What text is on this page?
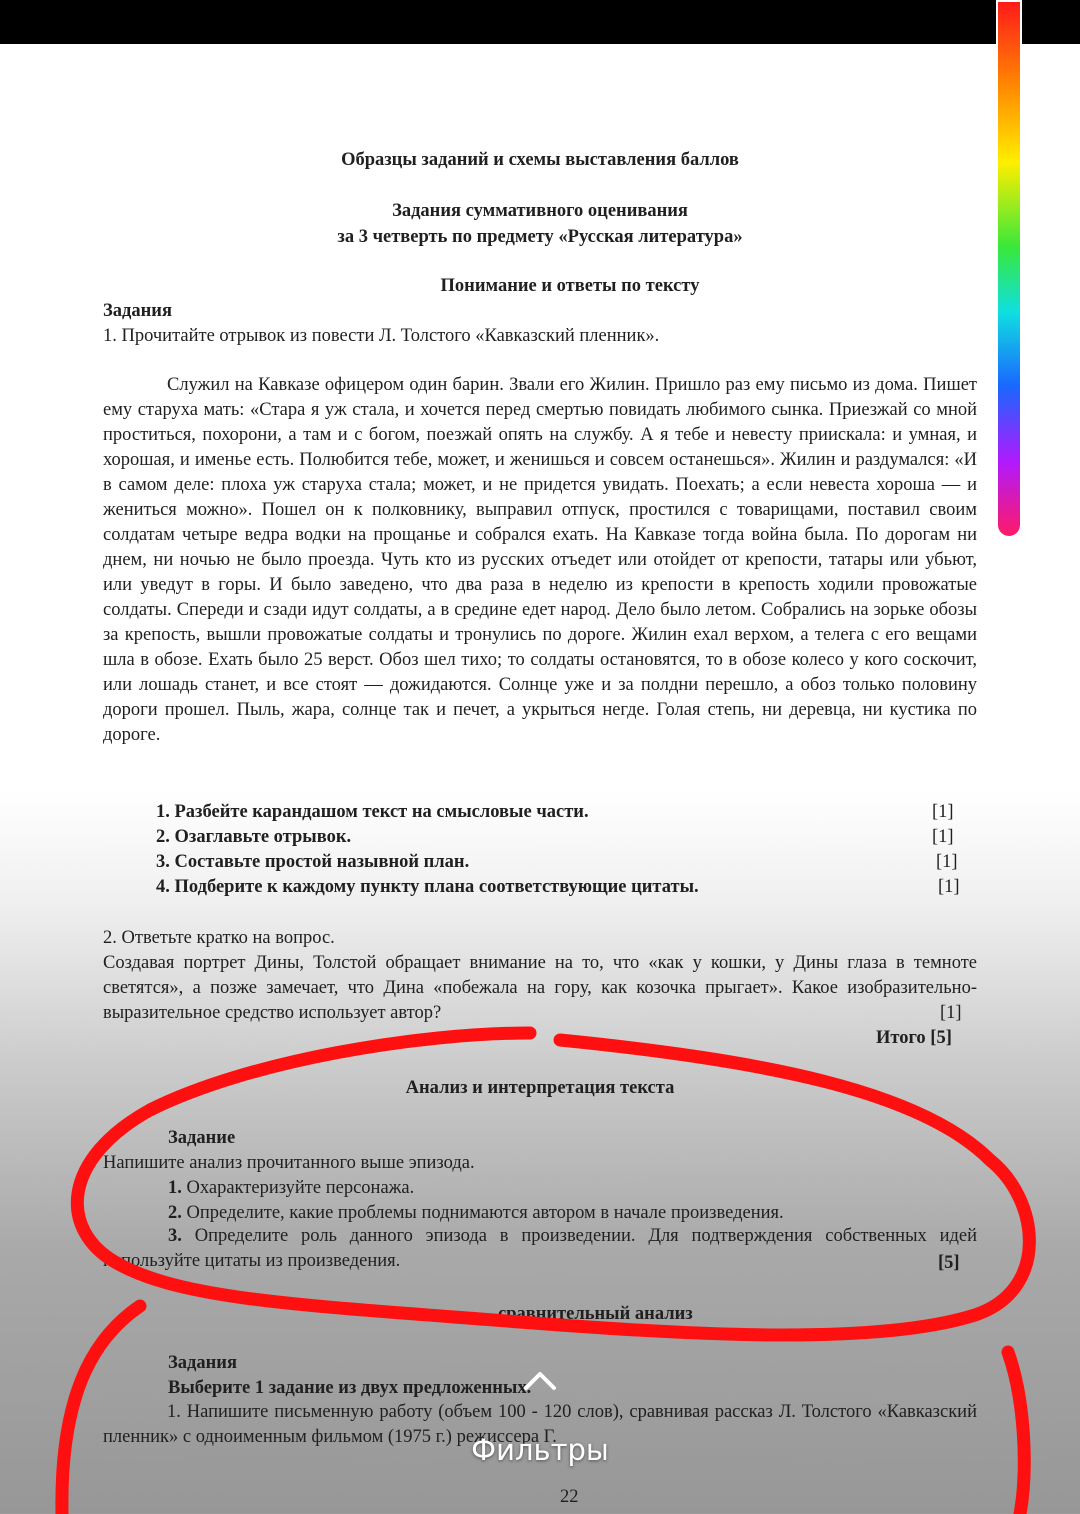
Образцы заданий и схемы выставления баллов
Задания суммативного оценивания
за 3 четверть по предмету «Русская литература»
Понимание и ответы по тексту
Задания
1. Прочитайте отрывок из повести Л. Толстого «Кавказский пленник».
Служил на Кавказе офицером один барин. Звали его Жилин. Пришло раз ему письмо из дома. Пишет ему старуха мать: «Стара я уж стала, и хочется перед смертью повидать любимого сынка. Приезжай со мной проститься, похорони, а там и с богом, поезжай опять на службу. А я тебе и невесту приискала: и умная, и хорошая, и именье есть. Полюбится тебе, может, и женишься и совсем останешься». Жилин и раздумался: «И в самом деле: плоха уж старуха стала; может, и не придется увидать. Поехать; а если невеста хороша — и жениться можно». Пошел он к полковнику, выправил отпуск, простился с товарищами, поставил своим солдатам четыре ведра водки на прощанье и собрался ехать. На Кавказе тогда война была. По дорогам ни днем, ни ночью не было проезда. Чуть кто из русских отъедет или отойдет от крепости, татары или убьют, или уведут в горы. И было заведено, что два раза в неделю из крепости в крепость ходили провожатые солдаты. Спереди и сзади идут солдаты, а в средине едет народ. Дело было летом. Собрались на зорьке обозы за крепость, вышли провожатые солдаты и тронулись по дороге. Жилин ехал верхом, а телега с его вещами шла в обозе. Ехать было 25 верст. Обоз шел тихо; то солдаты остановятся, то в обозе колесо у кого соскочит, или лошадь станет, и все стоят — дожидаются. Солнце уже и за полдни перешло, а обоз только половину дороги прошел. Пыль, жара, солнце так и печет, а укрыться негде. Голая степь, ни деревца, ни кустика по дороге.
1. Разбейте карандашом текст на смысловые части.	[1]
2. Озаглавьте отрывок.	[1]
3. Составьте простой назывной план.	[1]
4. Подберите к каждому пункту плана соответствующие цитаты.	[1]
2. Ответьте кратко на вопрос.
Создавая портрет Дины, Толстой обращает внимание на то, что «как у кошки, у Дины глаза в темноте светятся», а позже замечает, что Дина «побежала на гору, как козочка прыгает». Какое изобразительно-выразительное средство использует автор?	[1]
Итого [5]
Анализ и интерпретация текста
Задание
Напишите анализ прочитанного выше эпизода.
1. Охарактеризуйте персонажа.
2. Определите, какие проблемы поднимаются автором в начале произведения.
3. Определите роль данного эпизода в произведении. Для подтверждения собственных идей используйте цитаты из произведения.	[5]
сравнительный анализ
Задания
Выберите 1 задание из двух предложенных.
1. Напишите письменную работу (объем 100 - 120 слов), сравнивая рассказ Л. Толстого «Кавказский пленник» с одноименным фильмом (1975 г.) режиссера Г.
22
Фильтры
